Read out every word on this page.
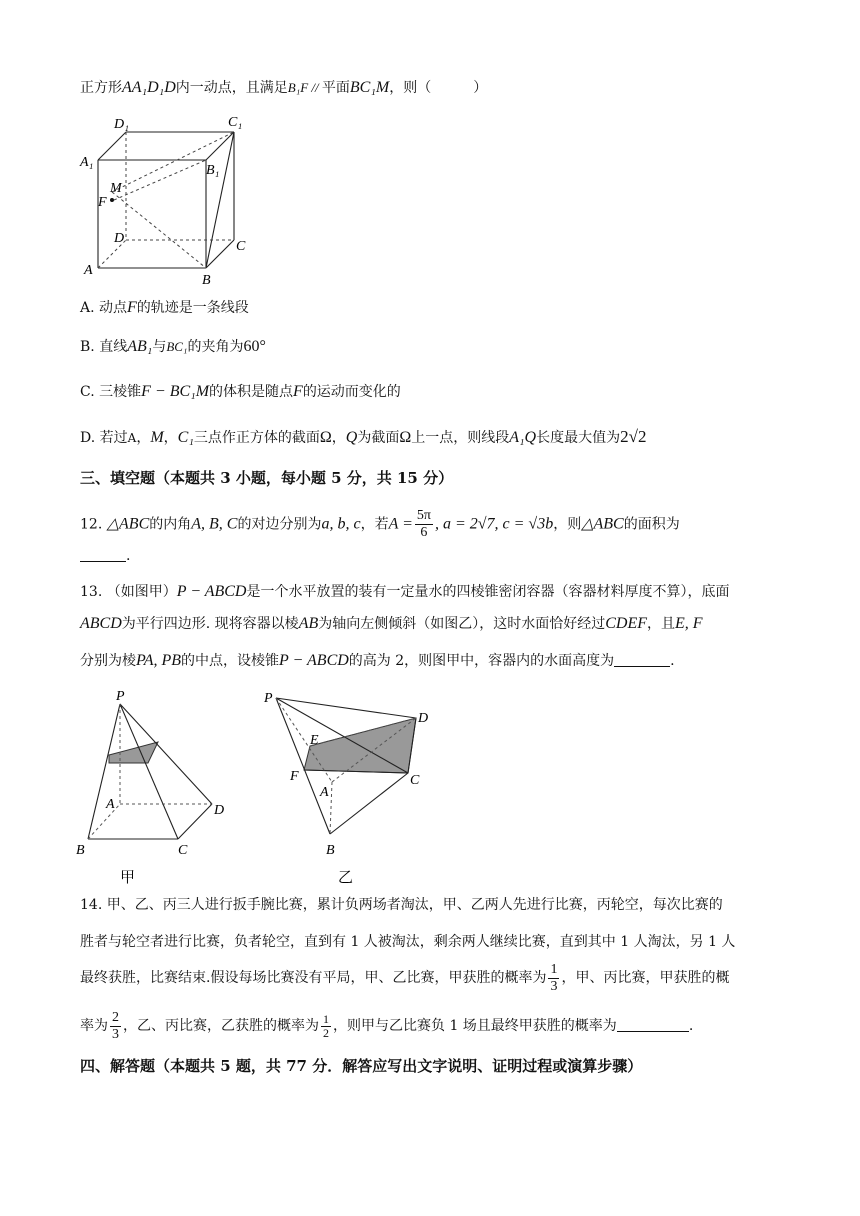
正方形AA₁D₁D内一动点，且满足B₁F // 平面BC₁M，则（　　　）
D₁	C₁
A₁
B₁
M
F
D
C
A
B
A. 动点F的轨迹是一条线段
B. 直线AB₁与BC₁的夹角为60°
C. 三棱锥F − BC₁M的体积是随点F的运动而变化的
D. 若过A，M，C₁三点作正方体的截面Ω，Q为截面Ω上一点，则线段A₁Q长度最大值为2√2
三、填空题（本题共 3 小题，每小题 5 分，共 15 分）
12. △ABC的内角A, B, C的对边分别为a, b, c，若$A = \frac{5\pi}{6}$ , a = 2√7, c = √3b，则△ABC的面积为
.
13. （如图甲）P − ABCD是一个水平放置的装有一定量水的四棱锥密闭容器（容器材料厚度不算），底面
ABCD为平行四边形. 现将容器以棱AB为轴向左侧倾斜（如图乙），这时水面恰好经过CDEF，且E, F
分别为棱PA, PB的中点，设棱锥P − ABCD的高为 2，则图甲中，容器内的水面高度为	.
P
A	D
B	C
甲
P
D
E
F	C
A
B
乙
14. 甲、乙、丙三人进行扳手腕比赛，累计负两场者淘汰，甲、乙两人先进行比赛，丙轮空，每次比赛的
胜者与轮空者进行比赛，负者轮空，直到有 1 人被淘汰，剩余两人继续比赛，直到其中 1 人淘汰，另 1 人
最终获胜，比赛结束.假设每场比赛没有平局，甲、乙比赛，甲获胜的概率为 $\frac{1}{3}$ ，甲、丙比赛，甲获胜的概
率为 $\frac{2}{3}$ ，乙、丙比赛，乙获胜的概率为 $\frac{1}{2}$ ，则甲与乙比赛负 1 场且最终甲获胜的概率为	.
四、解答题（本题共 5 题，共 77 分．解答应写出文字说明、证明过程或演算步骤）
